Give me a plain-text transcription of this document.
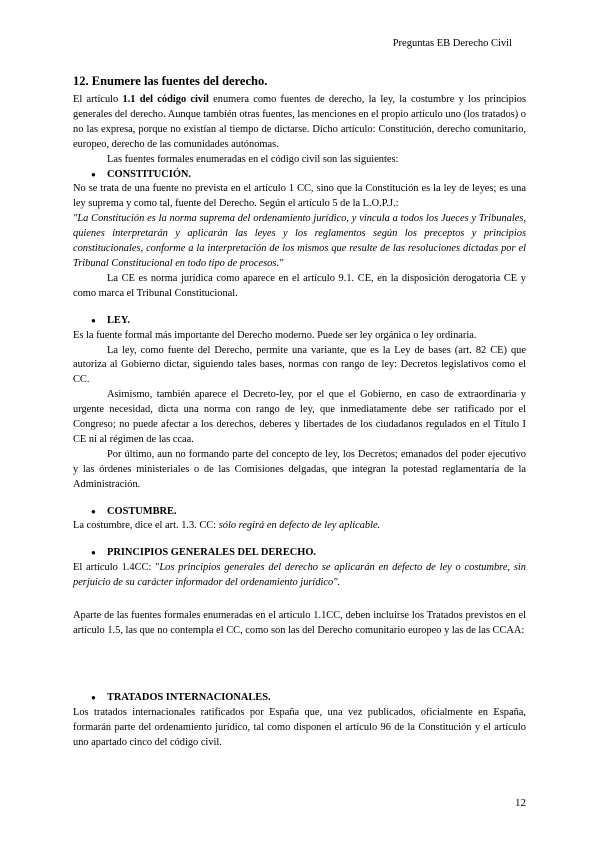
Preguntas EB Derecho Civil
12. Enumere las fuentes del derecho.

El artículo 1.1 del código civil enumera como fuentes de derecho, la ley, la costumbre y los principios generales del derecho. Aunque también otras fuentes, las menciones en el propio artículo uno (los tratados) o no las expresa, porque no existían al tiempo de dictarse. Dicho artículo: Constitución, derecho comunitario, europeo, derecho de las comunidades autónomas.

Las fuentes formales enumeradas en el código civil son las siguientes:

●	CONSTITUCIÓN.

No se trata de una fuente no prevista en el artículo 1 CC, sino que la Constitución es la ley de leyes; es una ley suprema y como tal, fuente del Derecho. Según el artículo 5 de la L.O.P.J.:

"La Constitución es la norma suprema del ordenamiento jurídico, y vincula a todos los Jueces y Tribunales, quienes interpretarán y aplicarán las leyes y los reglamentos según los preceptos y principios constitucionales, conforme a la interpretación de los mismos que resulte de las resoluciones dictadas por el Tribunal Constitucional en todo tipo de procesos."

La CE es norma jurídica como aparece en el artículo 9.1. CE, en la disposición derogatoria CE y como marca el Tribunal Constitucional.

●	LEY.

Es la fuente formal más importante del Derecho moderno. Puede ser ley orgánica o ley ordinaria.

La ley, como fuente del Derecho, permite una variante, que es la Ley de bases (art. 82 CE) que autoriza al Gobierno dictar, siguiendo tales bases, normas con rango de ley: Decretos legislativos como el CC.

Asimismo, también aparece el Decreto-ley, por el que el Gobierno, en caso de extraordinaria y urgente necesidad, dicta una norma con rango de ley, que inmediatamente debe ser ratificado por el Congreso; no puede afectar a los derechos, deberes y libertades de los ciudadanos regulados en el Título I CE ni al régimen de las ccaa.

Por último, aun no formando parte del concepto de ley, los Decretos; emanados del poder ejecutivo y las órdenes ministeriales o de las Comisiones delgadas, que integran la potestad reglamentaria de la Administración.

●	COSTUMBRE.

La costumbre, dice el art. 1.3. CC: sólo regirá en defecto de ley aplicable.

●	PRINCIPIOS GENERALES DEL DERECHO.

El artículo 1.4CC: "Los principios generales del derecho se aplicarán en defecto de ley o costumbre, sin perjuicio de su carácter informador del ordenamiento jurídico".

Aparte de las fuentes formales enumeradas en el artículo 1.1CC, deben incluirse los Tratados previstos en el artículo 1.5, las que no contempla el CC, como son las del Derecho comunitario europeo y las de las CCAA:

●	TRATADOS INTERNACIONALES.

Los tratados internacionales ratificados por España que, una vez publicados, oficialmente en España, formarán parte del ordenamiento jurídico, tal como disponen el artículo 96 de la Constitución y el artículo uno apartado cinco del código civil.

12
